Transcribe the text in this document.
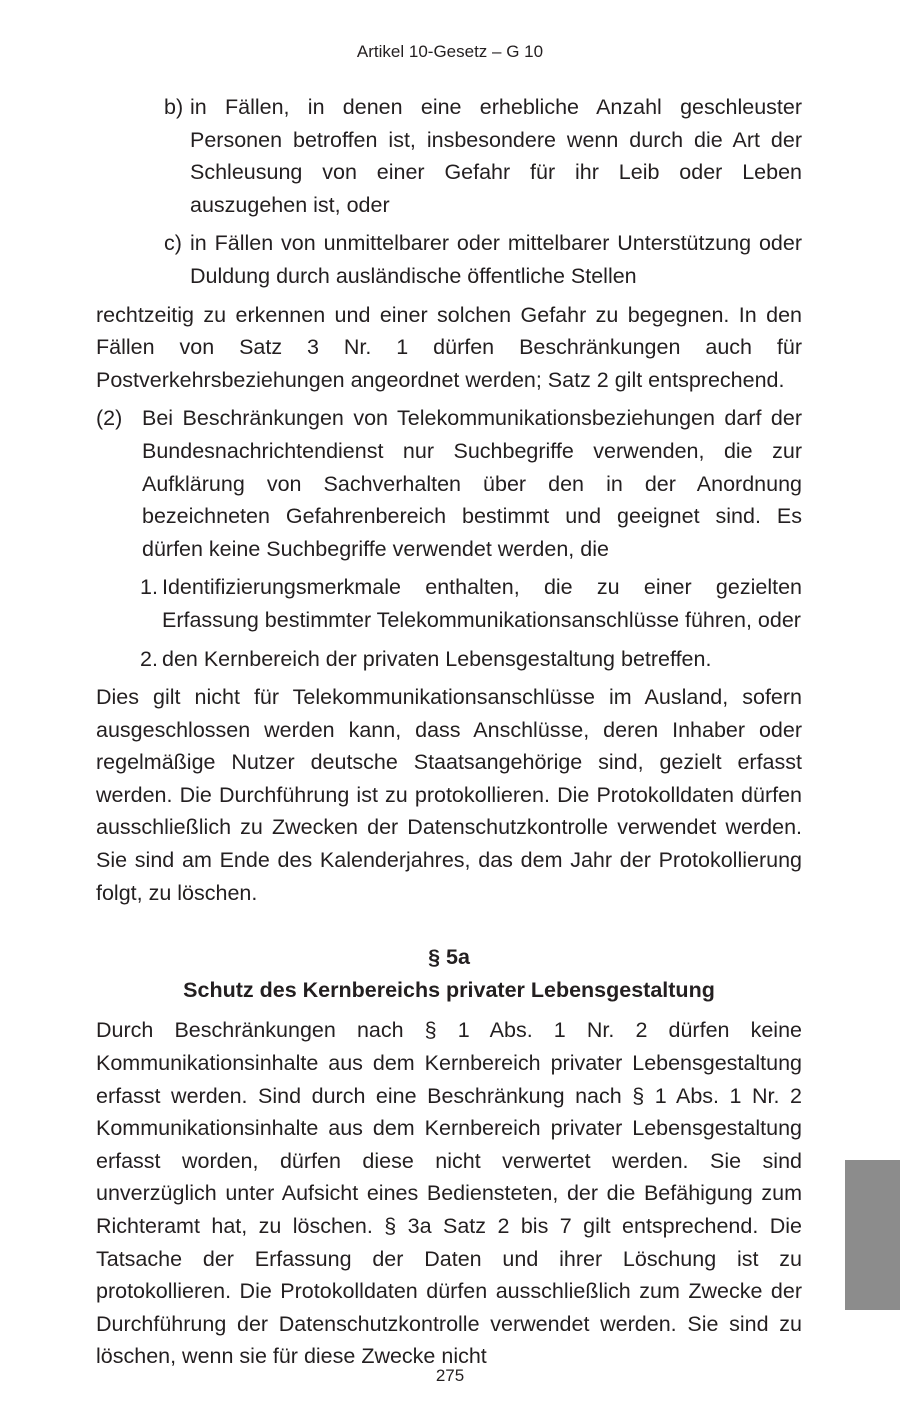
Artikel 10-Gesetz – G 10

b) in Fällen, in denen eine erhebliche Anzahl geschleuster Personen betroffen ist, insbesondere wenn durch die Art der Schleusung von einer Gefahr für ihr Leib oder Leben auszugehen ist, oder

c) in Fällen von unmittelbarer oder mittelbarer Unterstützung oder Duldung durch ausländische öffentliche Stellen

rechtzeitig zu erkennen und einer solchen Gefahr zu begegnen. In den Fällen von Satz 3 Nr. 1 dürfen Beschränkungen auch für Postverkehrsbeziehungen angeordnet werden; Satz 2 gilt entsprechend.

(2) Bei Beschränkungen von Telekommunikationsbeziehungen darf der Bundesnachrichtendienst nur Suchbegriffe verwenden, die zur Aufklärung von Sachverhalten über den in der Anordnung bezeichneten Gefahrenbereich bestimmt und geeignet sind. Es dürfen keine Suchbegriffe verwendet werden, die

1. Identifizierungsmerkmale enthalten, die zu einer gezielten Erfassung bestimmter Telekommunikationsanschlüsse führen, oder

2. den Kernbereich der privaten Lebensgestaltung betreffen.

Dies gilt nicht für Telekommunikationsanschlüsse im Ausland, sofern ausgeschlossen werden kann, dass Anschlüsse, deren Inhaber oder regelmäßige Nutzer deutsche Staatsangehörige sind, gezielt erfasst werden. Die Durchführung ist zu protokollieren. Die Protokolldaten dürfen ausschließlich zu Zwecken der Datenschutzkontrolle verwendet werden. Sie sind am Ende des Kalenderjahres, das dem Jahr der Protokollierung folgt, zu löschen.

§ 5a

Schutz des Kernbereichs privater Lebensgestaltung

Durch Beschränkungen nach § 1 Abs. 1 Nr. 2 dürfen keine Kommunikationsinhalte aus dem Kernbereich privater Lebensgestaltung erfasst werden. Sind durch eine Beschränkung nach § 1 Abs. 1 Nr. 2 Kommunikationsinhalte aus dem Kernbereich privater Lebensgestaltung erfasst worden, dürfen diese nicht verwertet werden. Sie sind unverzüglich unter Aufsicht eines Bediensteten, der die Befähigung zum Richteramt hat, zu löschen. § 3a Satz 2 bis 7 gilt entsprechend. Die Tatsache der Erfassung der Daten und ihrer Löschung ist zu protokollieren. Die Protokolldaten dürfen ausschließlich zum Zwecke der Durchführung der Datenschutzkontrolle verwendet werden. Sie sind zu löschen, wenn sie für diese Zwecke nicht

275
